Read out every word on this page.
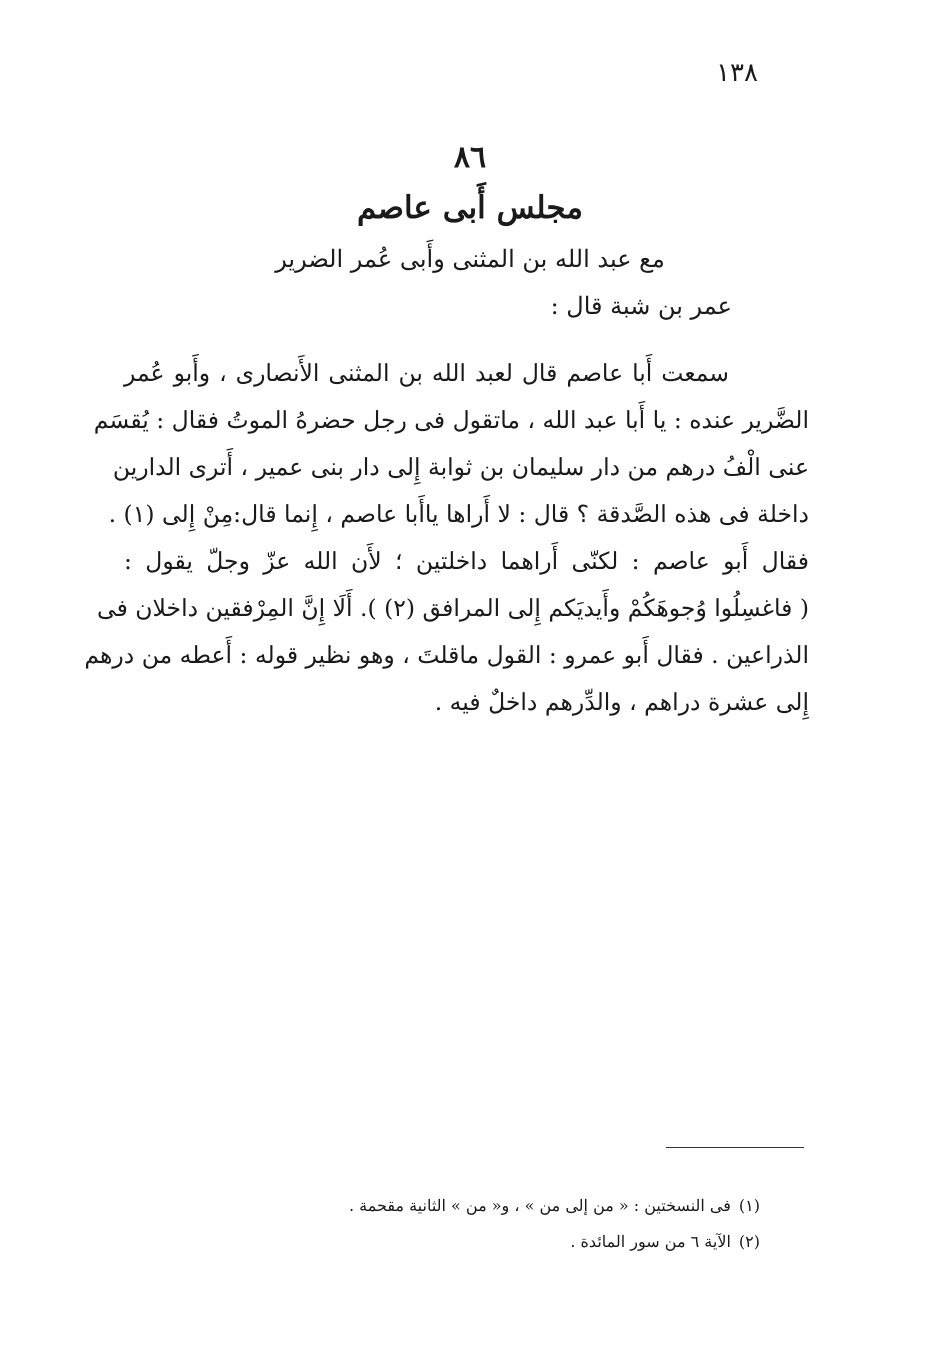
١٣٨
٨٦
مجلس أَبى عاصم
مع عبد الله بن المثنى وأَبى عُمر الضرير
عمر بن شبة قال :
سمعت أَبا عاصم قال لعبد الله بن المثنى الأَنصارى ، وأَبو عُمر
الضَّرير عنده : يا أَبا عبد الله ، ماتقول فى رجل حضرهُ الموتُ فقال : يُقسَم
عنى الْفُ درهم من دار سليمان بن ثوابة إِلى دار بنى عمير ، أَترى الدارين
داخلة فى هذه الصَّدقة ؟ قال : لا أَراها ياأَبا عاصم ، إِنما قال:مِنْ إِلى (١) .
فقال أَبو عاصم : لكنّى أَراهما داخلتين ؛ لأَن الله عزّ وجلّ يقول :
( فاغسِلُوا وُجوهَكُمْ وأَيديَكم إِلى المرافق (٢) ). أَلَا إِنَّ المِرْفقين داخلان فى
الذراعين . فقال أَبو عمرو : القول ماقلتَ ، وهو نظير قوله : أَعطه من درهم
إِلى عشرة دراهم ، والدِّرهم داخلٌ فيه .
(١)فى النسختين : « من إلى من » ، و« من » الثانية مقحمة .
(٢)الآية ٦ من سور المائدة .
